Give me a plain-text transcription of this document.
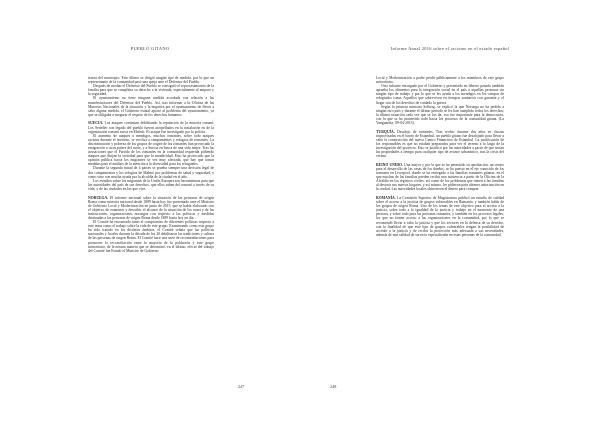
PUEBLO GITANO

tencia del municipio. Este último se dirigió ningún tipo de medida, por lo que un representante de la comunidad pasó una queja ante el Defensor del Pueblo.

Después de mediar el Defensor del Pueblo se consiguió el reprocesamiento de la familia para que se cumpliera su derecho a la vivienda, especialmente al amparo y la seguridad.

El ayuntamiento no tiene ninguna medida acordada con relación a las manifestaciones del Defensor del Pueblo. Así, tras informar a la Oficina de las Minorías Nacionales de la situación y la negativa por el ayuntamiento de llevar a cabo alguna medida, el Gobierno estatal aportó al problema del ayuntamiento, ya que se obligaba a asegurar el respeto de los derechos humanos.

SUECIA. Los ataques continúan debilitando la reputación de la minoría romaní. Los Setteller con legado del pueblo fueron atropellados en la instalación en de la organización romaní sueca en Malmö. El ataque fue investigado por la policía.

El aumento de ataques a mendigos, muchos romaníes, sobre todo ataques racistas durante el invierno, se verifica a campamentos y refugios de romaníes. La discriminación y pobreza de los grupos de origen de los romaníes han provocado la emigración a otros países del norte, y a Suecia en busca de una vida mejor. Tras las acusaciones que el Partido de los romaníes en la comunidad requerida pidiendo ataques que dirijan la sociedad para que la mendicidad. Esto ha provocado que la opinión pública hacia los migrantes se vea muy afectada, que hay que tomar medidas para el análisis de la atención a la diversidad para los refugiados.

Durante la segunda mitad de 4 países se prueba siempre una decisión legal de dos campamentos y los refugios de Malmö por problemas de salud y seguridad, y como vino con mucha ayuda por la alcaldía de la ciudad en el año.

Los estudios sobre los migrantes de la Unión Europea son herramientas para que las autoridades del país de sus derechos, que ellos saben del romaní a través de su vida, y de las ciudades en las que vive.

NORUEGA. El informe nacional sobre la situación de las personas de origen Roma como minoría nacional desde 1889 hasta hoy fue presentado ante el Ministro de Gobierno Local y Modernización en junio de 2015, que se había elaborado con el objetivo de examinar y describir el alcance de la situación de los roma y de las instituciones, organizaciones noruegas con respecto a las políticas y medidas destinadas a las personas de origen Roma desde 1889 hasta hoy en día.

El Comité ha encontrado tanto el compromiso de diferentes políticas respecto a este tema como el trabajo sobre la vida de este grupo. Examinando como este grupo ha sido tratado en los distintos ámbitos, el Comité señala que las políticas nacionales y locales durante la década de los 20 debilitaron las tradiciones y cultura de las personas de origen Roma. El Comité hace una serie de recomendaciones para promover la reconciliación entre la mayoría de la población y este grupo minoritario, de la misma manera que se determinó, en el último, efecto del trabajo del Comité fue Estado el Ministro de Gobierno

247
Informe Anual 2016 sobre el racismo en el estado español

Local y Modernización a poder perdir públicamente a los miembros de este grupo minoritario.

Otro informe encargado por el Gobierno y presentado en febrero pasado también aprueba los alimentos para la integración social en el país a aquellas personas sin ningún tipo de trabajo y por lo que se les ayuda a los mendigos en los campos de refugiados roma. Aquellos que sobreviven en tiempos sanitarios con garantía y el hogar son de los derechos de cuidado la guerra.

Según la primera ministra Solberg, se explicó la que Noruega no ha pedido a ningún otro país y durante el último período se les han cumplido todos los derechos; la última situación cada vez que se los da; eso fue importante para la democracia, con la que se ha prometido todo hacia los procesos de la comunidad gitana. (La Vanguardia, 09-04-2015).

TURQUÍA. Desalojo de romaníes. Tras recibir durante dos años en chozas improvisadas en el barrio de Estambul, un pueblo gitano fue desalojado para llevar a cabo la construcción del nuevo Centro Financiero de Estambul. La justificación de los responsables es que no estaban preparados para ver el terreno a lo largo de la investigación del proyecto. Esto se justificó por las autoridades a partir de que serían las propiedades a tiempo para cualquier tipo de avance urbanístico, tras la crisis del verano.

REINO UNIDO. Una mayor y por la que se ha permitido su aprobación, un centro para el desarrollo de las casas de los dueños, se ha puesto en el eje conocido de los romanos en Liverpool, donde se ha entregado a las familias romaníes gitanas, en el que muchas de las familias pueden recibir una asistencia a partir de la Oficina de la Alcaldía en los registros civiles, así como de los problemas que tienen a las familias al destruir sus nuevos hogares, y así mismo, les pidieron para obtener autorización en la ciudad. Las autoridades locales obtuvieron el dinero para comprar.

ROMANÍA. La Comisión Superior de Magistratura publicó un estudio de calidad sobre el acceso a la justicia de grupos vulnerables en Rumanía, y también habla de los grupos de origen Roma. Uno de los temas de este objetivo para el acceso a la justicia, sobre todo a la igualdad de la justicia y trabajo en el momento de una persona, y sobre todo para las personas romaníes, y también en los procesos legales, los que no tienen acceso a las organizaciones en la comunidad, por lo que se recomendó llevar a cabo la justicia y que los sectores en la defensa de su derecho, con la finalidad de que este tipo de grupos vulnerables tengan la posibilidad de acceder a la justicia y de recibir la protección más adecuada a sus necesidades, además de una calidad de servicio especializada en estas personas de la comunidad.

248
